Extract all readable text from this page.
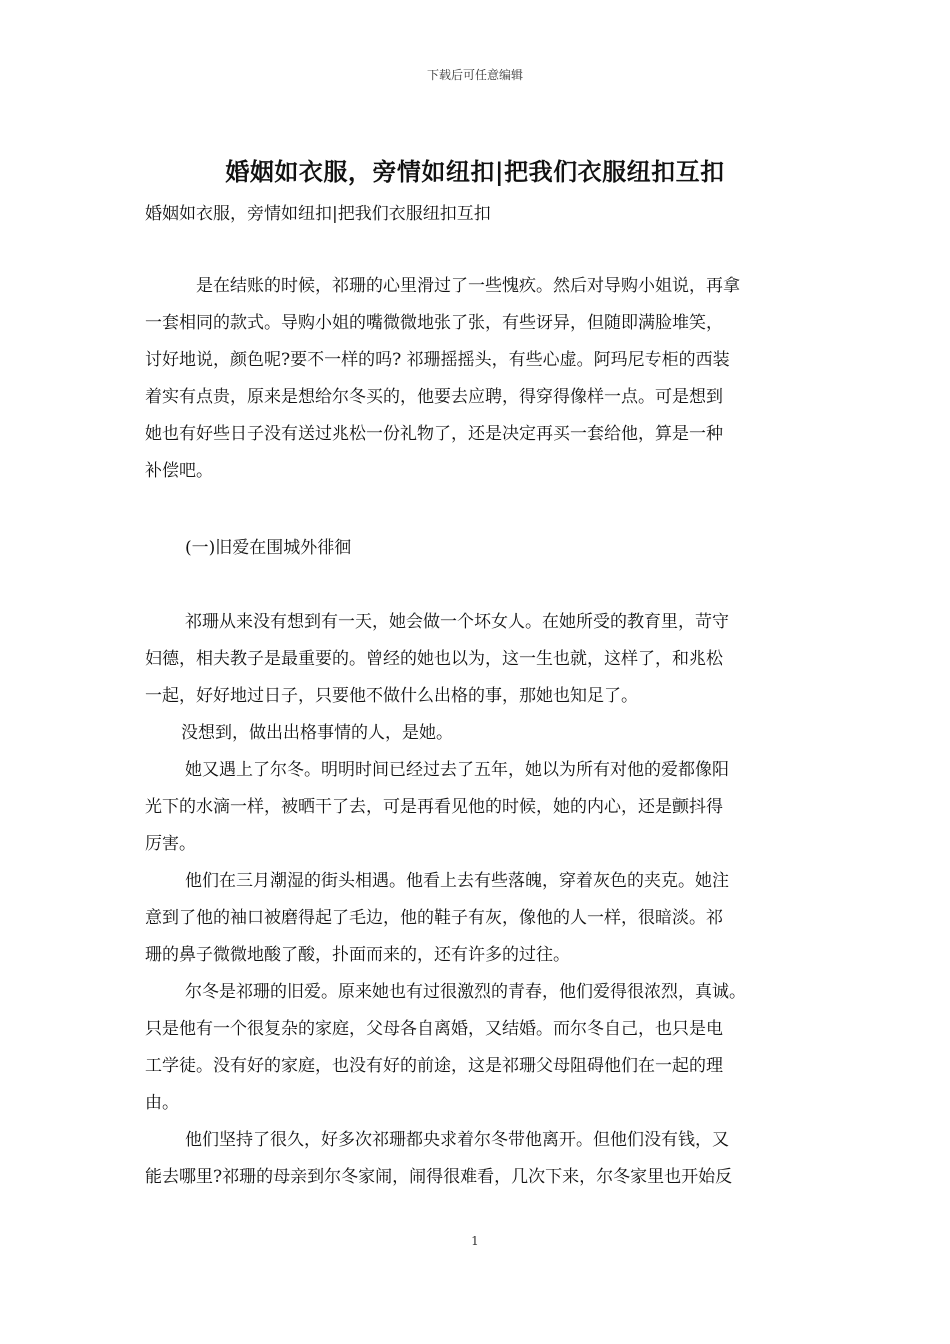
下载后可任意编辑
婚姻如衣服，旁情如纽扣|把我们衣服纽扣互扣
婚姻如衣服，旁情如纽扣|把我们衣服纽扣互扣
　是在结账的时候，祁珊的心里滑过了一些愧疚。然后对导购小姐说，再拿
一套相同的款式。导购小姐的嘴微微地张了张，有些讶异，但随即满脸堆笑，
讨好地说，颜色呢?要不一样的吗? 祁珊摇摇头，有些心虚。阿玛尼专柜的西装
着实有点贵，原来是想给尔冬买的，他要去应聘，得穿得像样一点。可是想到
她也有好些日子没有送过兆松一份礼物了，还是决定再买一套给他，算是一种
补偿吧。
(一)旧爱在围城外徘徊
祁珊从来没有想到有一天，她会做一个坏女人。在她所受的教育里，苛守
妇德，相夫教子是最重要的。曾经的她也以为，这一生也就，这样了，和兆松
一起，好好地过日子，只要他不做什么出格的事，那她也知足了。
没想到，做出出格事情的人，是她。
她又遇上了尔冬。明明时间已经过去了五年，她以为所有对他的爱都像阳
光下的水滴一样，被晒干了去，可是再看见他的时候，她的内心，还是颤抖得
厉害。
他们在三月潮湿的街头相遇。他看上去有些落魄，穿着灰色的夹克。她注
意到了他的袖口被磨得起了毛边，他的鞋子有灰，像他的人一样，很暗淡。祁
珊的鼻子微微地酸了酸，扑面而来的，还有许多的过往。
尔冬是祁珊的旧爱。原来她也有过很激烈的青春，他们爱得很浓烈，真诚。
只是他有一个很复杂的家庭，父母各自离婚，又结婚。而尔冬自己，也只是电
工学徒。没有好的家庭，也没有好的前途，这是祁珊父母阻碍他们在一起的理
由。
他们坚持了很久，好多次祁珊都央求着尔冬带他离开。但他们没有钱，又
能去哪里?祁珊的母亲到尔冬家闹，闹得很难看，几次下来，尔冬家里也开始反
1
